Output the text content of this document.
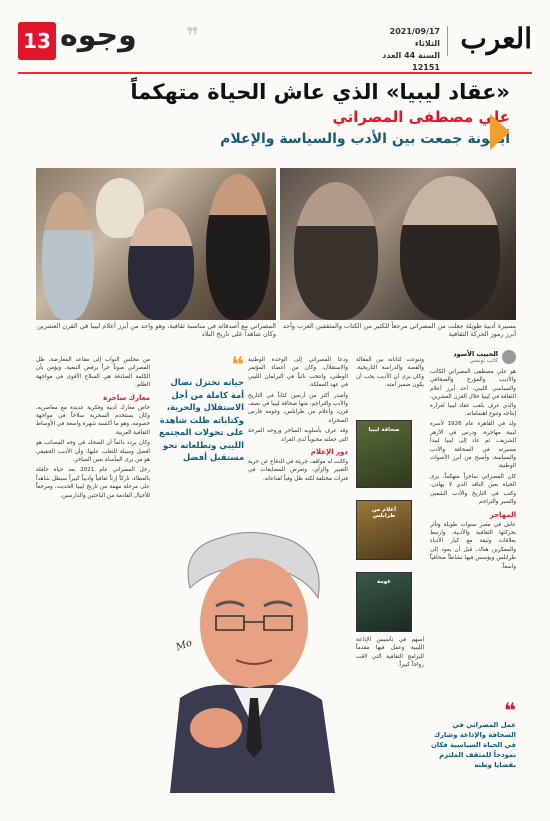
13 وجوه ❞	العرب
2021/09/17 الثلاثاء
السنة 44 العدد 12151
«عقاد ليبيا» الذي عاش الحياة متهكماً
علي مصطفى المصراتي
أيقونة جمعت بين الأدب والسياسة والإعلام
المصراتي مع أصدقائه في مناسبة ثقافية، وهو واحد من أبرز أعلام ليبيا في القرن العشرين وكان شاهداً على تاريخ البلاد
مسيرة أدبية طويلة جعلت من المصراتي مرجعاً للكثير من الكتاب والمثقفين العرب وأحد أبرز رموز الحركة الثقافية
الحبيب الأسود
كاتب تونسي

هو علي مصطفى المصراتي الكاتب والأديب والمؤرخ والصحافي والسياسي الليبي، أحد أبرز أعلام الثقافة في ليبيا خلال القرن العشرين، والذي عرف بلقب عقاد ليبيا لغزارة إنتاجه وتنوع اهتماماته.

ولد في القاهرة عام 1926 لأسرة ليبية مهاجرة، ودرس في الأزهر الشريف، ثم عاد إلى ليبيا ليبدأ مسيرته في الصحافة والأدب والسياسة، وأصبح من أبرز الأصوات الوطنية.

كان المصراتي ساخراً متهكماً، يرى الحياة بعين الناقد الذي لا يهادن، وكتب في التاريخ والأدب الشعبي والسير والتراجم.

المهاجر

عاش في مصر سنوات طويلة وتأثر بحركتها الثقافية والأدبية، وارتبط بعلاقات وثيقة مع كبار الأدباء والمفكرين هناك، قبل أن يعود إلى طرابلس ويؤسس فيها نشاطاً صحافياً واسعاً.

ودعا المصراتي إلى الوحدة الوطنية والاستقلال، وكان من أعضاء المؤتمر الوطني، وانتخب نائباً في البرلمان الليبي في عهد المملكة.

وأصدر أكثر من أربعين كتاباً في التاريخ والأدب والتراجم، منها صحافة ليبيا في نصف قرن، وأعلام من طرابلس، وغومة فارس الصحراء.

وقد عرف بأسلوبه الساخر وروحه المرحة التي جعلته محبوباً لدى القراء.

دور الإعلام

وكانت له مواقف جريئة في الدفاع عن حرية التعبير والرأي، وتعرض للمضايقات في فترات مختلفة لكنه ظل وفياً لقناعاته.

صحافة ليبيا
أعلام من طرابلس
غومة

وتنوعت كتاباته بين المقالة والقصة والدراسة التاريخية، وكان يرى أن الأديب يجب أن يكون ضمير أمته.

أسهم في تأسيس الإذاعة الليبية وعمل فيها مقدماً للبرامج الثقافية التي لاقت رواجاً كبيراً.

❝
حياته تختزل نضال أمة كاملة من أجل الاستقلال والحرية، وكتاباته ظلت شاهدة على تحولات المجتمع الليبي وتطلعاته نحو مستقبل أفضل

من مجلس النواب إلى مقاعد المعارضة، ظل المصراتي صوتاً حراً يرفض التبعية، ويؤمن بأن الكلمة الصادقة هي السلاح الأقوى في مواجهة الظلم.

معارك ساخرة

خاض معارك أدبية وفكرية عديدة مع معاصريه، وكان يستخدم السخرية سلاحاً في مواجهة خصومه، وهو ما أكسبه شهرة واسعة في الأوساط الثقافية العربية.

وكان يردد دائماً أن الضحك في وجه المصائب هو أفضل وسيلة للتغلب عليها، وأن الأديب الحقيقي هو من يرى المأساة بعين الساخر.

رحل المصراتي عام 2021 بعد حياة حافلة بالعطاء، تاركاً إرثاً ثقافياً وأدبياً كبيراً سيظل شاهداً على مرحلة مهمة من تاريخ ليبيا الحديث، ومرجعاً للأجيال القادمة من الباحثين والدارسين.

Mo
❝
عمل المصراتي في الصحافة والإذاعة وشارك في الحياة السياسية فكان نموذجاً للمثقف الملتزم بقضايا وطنه
